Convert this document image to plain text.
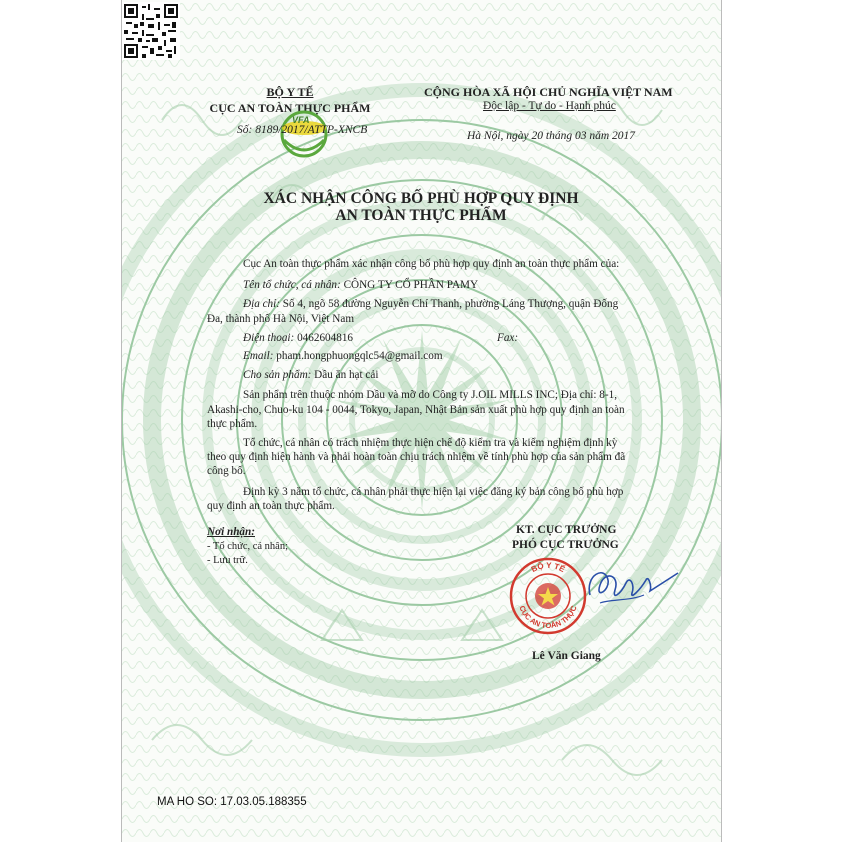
BỘ Y TẾ
CỤC AN TOÀN THỰC PHẨM
VFA
Số: 8189/2017/ATTP-XNCB
CỘNG HÒA XÃ HỘI CHỦ NGHĨA VIỆT NAM
Độc lập - Tự do - Hạnh phúc
Hà Nội, ngày 20 tháng 03 năm 2017
XÁC NHẬN CÔNG BỐ PHÙ HỢP QUY ĐỊNH
AN TOÀN THỰC PHẨM
Cục An toàn thực phẩm xác nhận công bố phù hợp quy định an toàn thực phẩm của:
Tên tổ chức, cá nhân: CÔNG TY CỔ PHẦN PAMY
Địa chỉ: Số 4, ngõ 58 đường Nguyễn Chí Thanh, phường Láng Thượng, quận Đống
Đa, thành phố Hà Nội, Việt Nam
Điện thoại: 0462604816	Fax:
Email: pham.hongphuongqlc54@gmail.com
Cho sản phẩm: Dầu ăn hạt cải
Sản phẩm trên thuộc nhóm Dầu và mỡ do Công ty J.OIL MILLS INC; Địa chỉ: 8-1,
Akashi-cho, Chuo-ku 104 - 0044, Tokyo, Japan, Nhật Bản sản xuất phù hợp quy định an toàn
thực phẩm.
Tổ chức, cá nhân có trách nhiệm thực hiện chế độ kiểm tra và kiểm nghiệm định kỳ
theo quy định hiện hành và phải hoàn toàn chịu trách nhiệm về tính phù hợp của sản phẩm đã
công bố.
Định kỳ 3 năm tổ chức, cá nhân phải thực hiện lại việc đăng ký bản công bố phù hợp
quy định an toàn thực phẩm.
Nơi nhận:
- Tổ chức, cá nhân;
- Lưu trữ.
KT. CỤC TRƯỞNG
PHÓ CỤC TRƯỞNG
BỘ Y TẾ
CỤC AN TOÀN THỰC
Lê Văn Giang
MA HO SO: 17.03.05.188355
